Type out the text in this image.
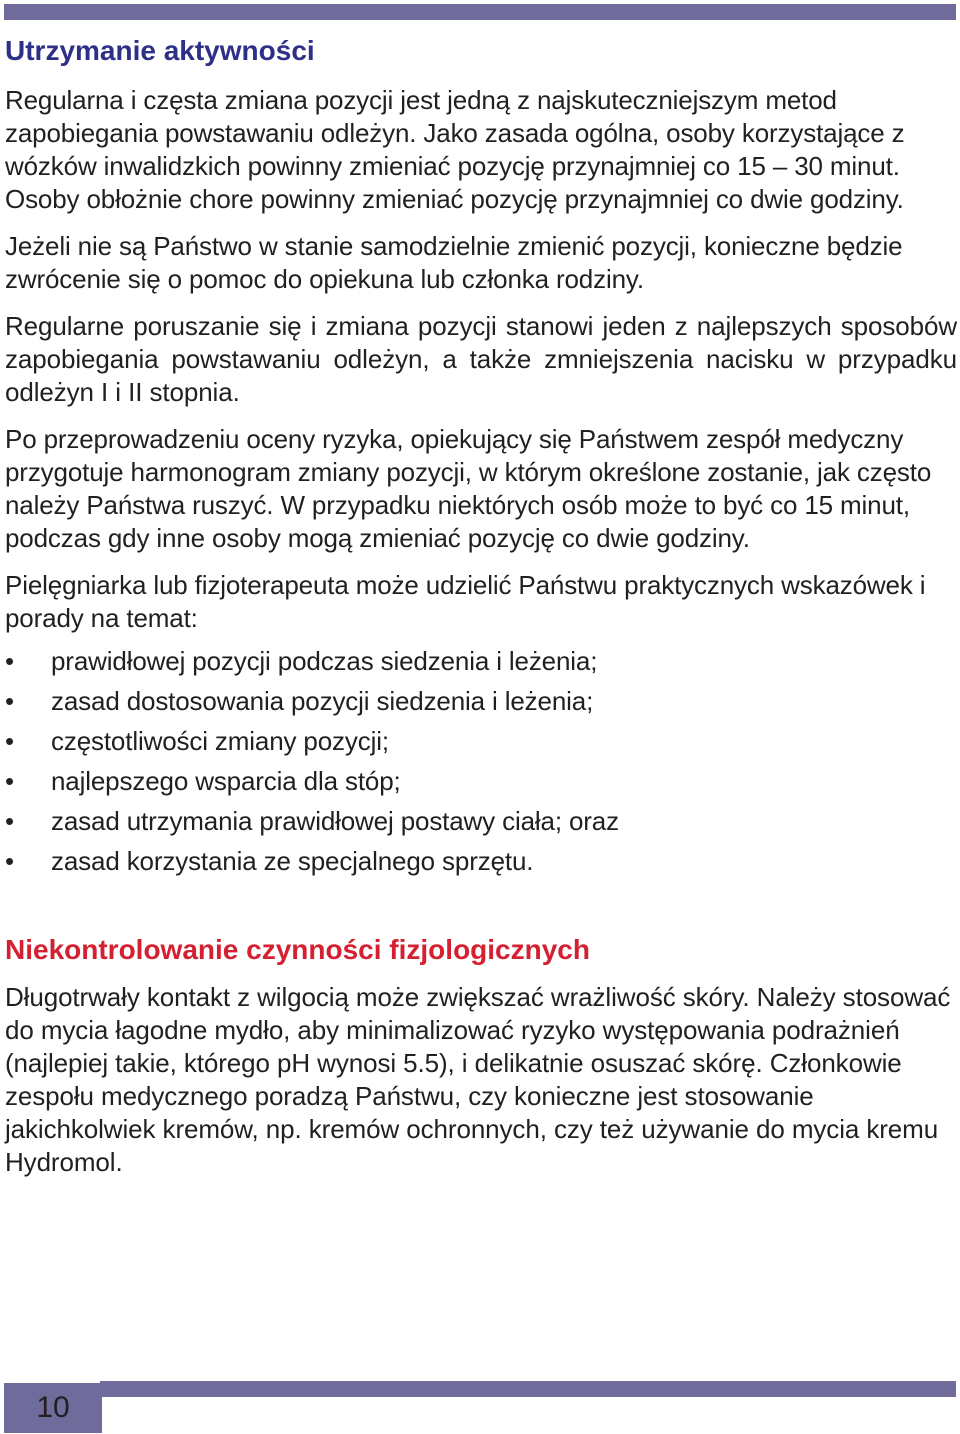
Utrzymanie aktywności

Regularna i częsta zmiana pozycji jest jedną z najskuteczniejszym metod zapobiegania powstawaniu odleżyn. Jako zasada ogólna, osoby korzystające z wózków inwalidzkich powinny zmieniać pozycję przynajmniej co 15 – 30 minut. Osoby obłożnie chore powinny zmieniać pozycję przynajmniej co dwie godziny.

Jeżeli nie są Państwo w stanie samodzielnie zmienić pozycji, konieczne będzie zwrócenie się o pomoc do opiekuna lub członka rodziny.

Regularne poruszanie się i zmiana pozycji stanowi jeden z najlepszych sposobów zapobiegania powstawaniu odleżyn, a także zmniejszenia nacisku w przypadku odleżyn I i II stopnia.

Po przeprowadzeniu oceny ryzyka, opiekujący się Państwem zespół medyczny przygotuje harmonogram zmiany pozycji, w którym określone zostanie, jak często należy Państwa ruszyć. W przypadku niektórych osób może to być co 15 minut, podczas gdy inne osoby mogą zmieniać pozycję co dwie godziny.

Pielęgniarka lub fizjoterapeuta może udzielić Państwu praktycznych wskazówek i porady na temat:

•	prawidłowej pozycji podczas siedzenia i leżenia;
•	zasad dostosowania pozycji siedzenia i leżenia;
•	częstotliwości zmiany pozycji;
•	najlepszego wsparcia dla stóp;
•	zasad utrzymania prawidłowej postawy ciała; oraz
•	zasad korzystania ze specjalnego sprzętu.
Niekontrolowanie czynności fizjologicznych

Długotrwały kontakt z wilgocią może zwiększać wrażliwość skóry. Należy stosować do mycia łagodne mydło, aby minimalizować ryzyko występowania podrażnień (najlepiej takie, którego pH wynosi 5.5), i delikatnie osuszać skórę. Członkowie zespołu medycznego poradzą Państwu, czy konieczne jest stosowanie jakichkolwiek kremów, np. kremów ochronnych, czy też używanie do mycia kremu Hydromol.

10
